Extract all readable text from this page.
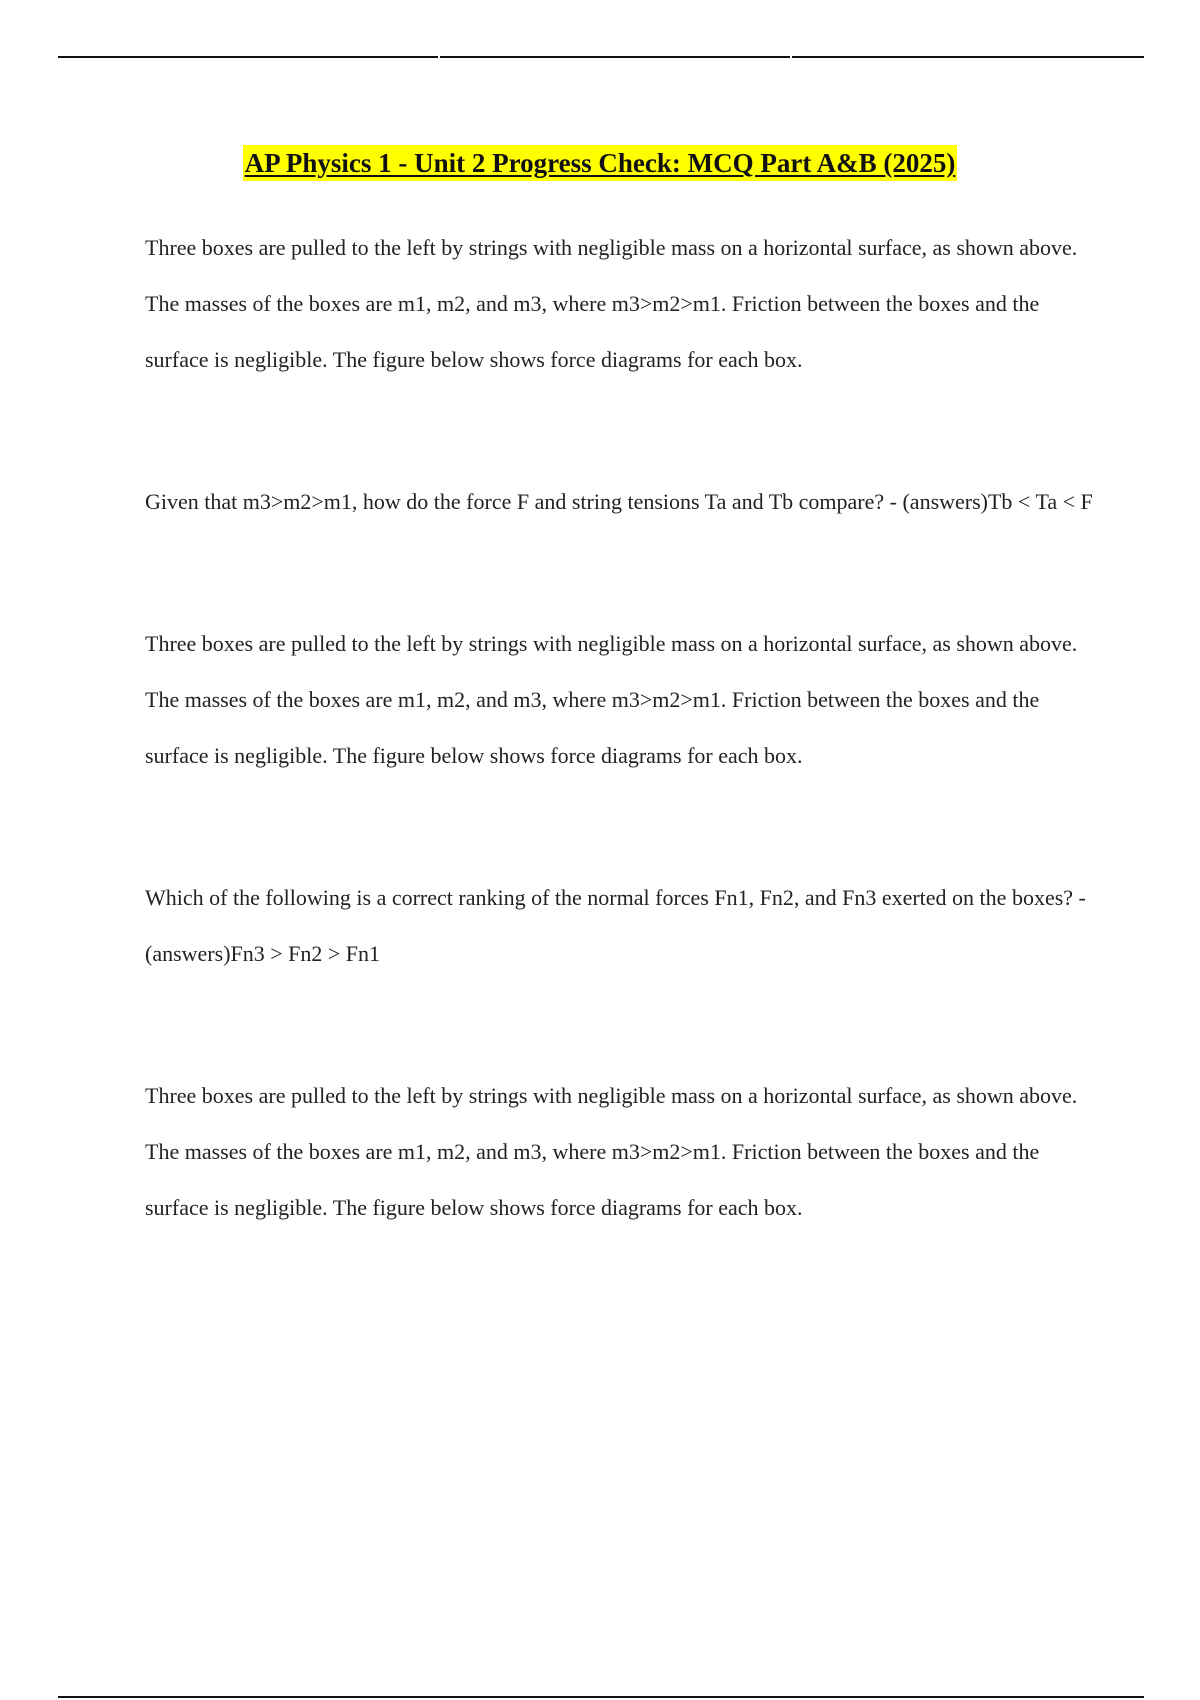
AP Physics 1 - Unit 2 Progress Check: MCQ Part A&B (2025)

Three boxes are pulled to the left by strings with negligible mass on a horizontal surface, as shown above. The masses of the boxes are m1, m2, and m3, where m3>m2>m1. Friction between the boxes and the surface is negligible. The figure below shows force diagrams for each box.

Given that m3>m2>m1, how do the force F and string tensions Ta and Tb compare? - (answers)Tb < Ta < F

Three boxes are pulled to the left by strings with negligible mass on a horizontal surface, as shown above. The masses of the boxes are m1, m2, and m3, where m3>m2>m1. Friction between the boxes and the surface is negligible. The figure below shows force diagrams for each box.

Which of the following is a correct ranking of the normal forces Fn1, Fn2, and Fn3 exerted on the boxes? - (answers)Fn3 > Fn2 > Fn1

Three boxes are pulled to the left by strings with negligible mass on a horizontal surface, as shown above. The masses of the boxes are m1, m2, and m3, where m3>m2>m1. Friction between the boxes and the surface is negligible. The figure below shows force diagrams for each box.
